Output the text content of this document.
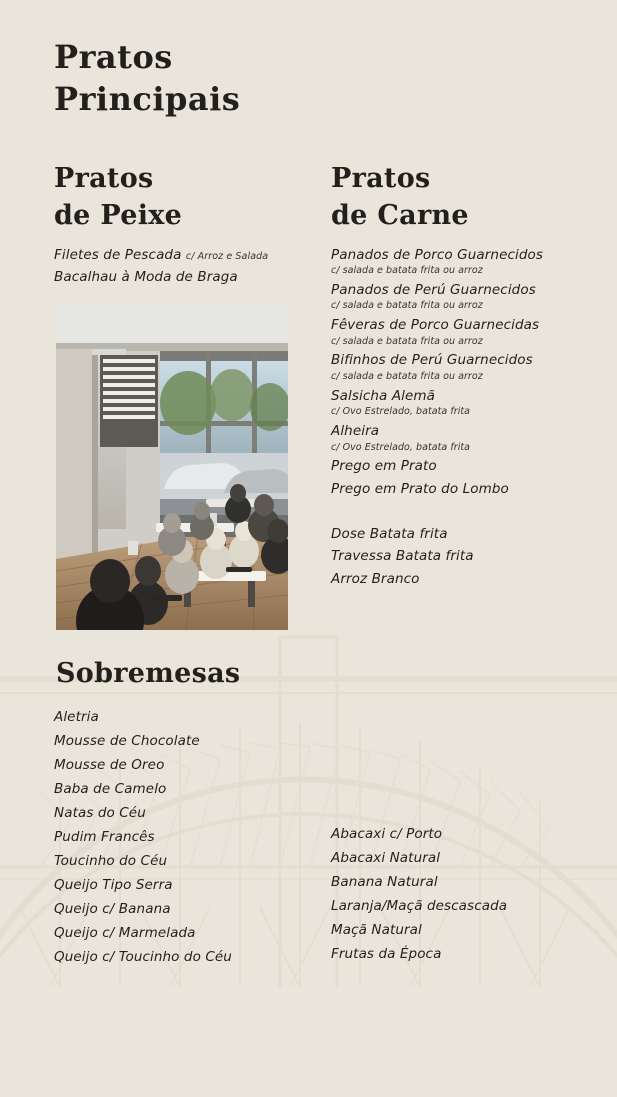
Pratos
Principais
Pratos
de Peixe
Filetes de Pescada c/ Arroz e Salada
Bacalhau à Moda de Braga
Pratos
de Carne
Panados de Porco Guarnecidos
c/ salada e batata frita ou arroz
Panados de Perú Guarnecidos
c/ salada e batata frita ou arroz
Fêveras de Porco Guarnecidas
c/ salada e batata frita ou arroz
Bifinhos de Perú Guarnecidos
c/ salada e batata frita ou arroz
Salsicha Alemã
c/ Ovo Estrelado, batata frita
Alheira
c/ Ovo Estrelado, batata frita
Prego em Prato
Prego em Prato do Lombo
Dose Batata frita
Travessa Batata frita
Arroz Branco
Sobremesas
Aletria
Mousse de Chocolate
Mousse de Oreo
Baba de Camelo
Natas do Céu
Pudim Francês
Toucinho do Céu
Queijo Tipo Serra
Queijo c/ Banana
Queijo c/ Marmelada
Queijo c/ Toucinho do Céu
Abacaxi c/ Porto
Abacaxi Natural
Banana Natural
Laranja/Maçã descascada
Maçã Natural
Frutas da Época
